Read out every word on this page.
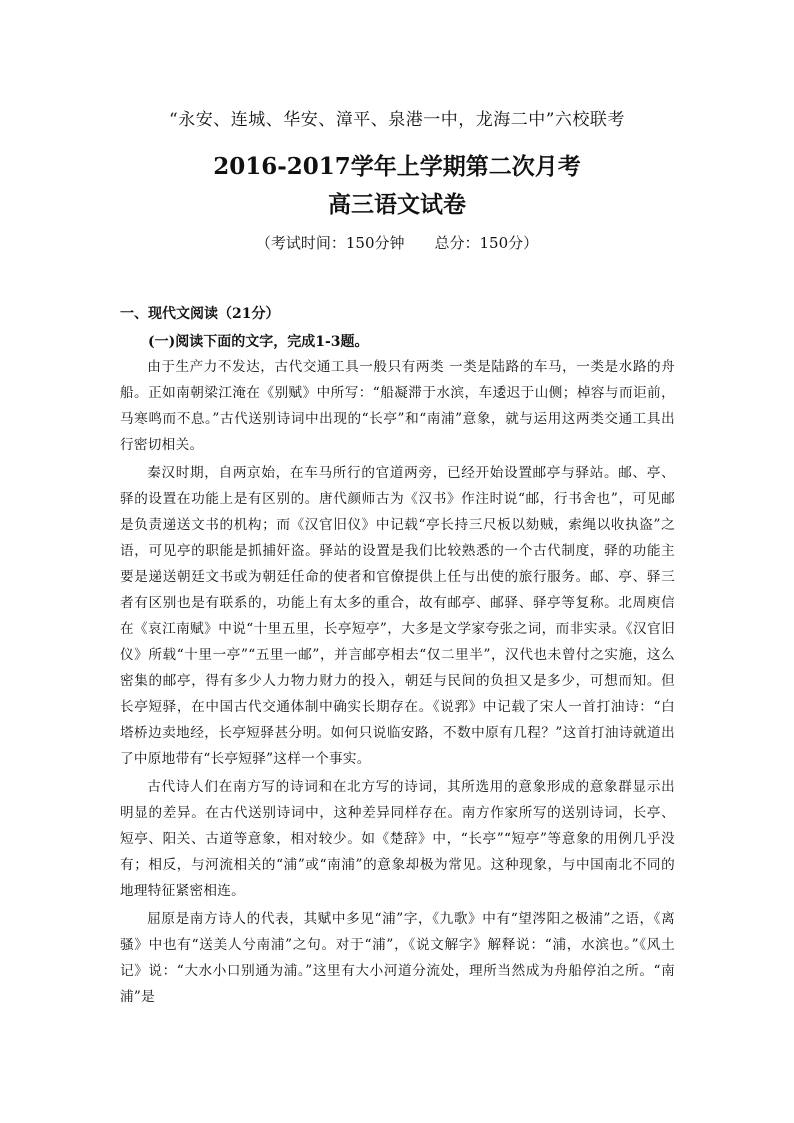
“永安、连城、华安、漳平、泉港一中，龙海二中”六校联考
2016-2017学年上学期第二次月考
高三语文试卷
（考试时间：150分钟　　总分：150分）
一、现代文阅读（21分）
(一)阅读下面的文字，完成1-3题。

由于生产力不发达，古代交通工具一般只有两类 一类是陆路的车马，一类是水路的舟船。正如南朝梁江淹在《别赋》中所写：“船凝滞于水滨，车逶迟于山侧；棹容与而讵前，马寒鸣而不息。”古代送别诗词中出现的“长亭”和“南浦”意象，就与运用这两类交通工具出行密切相关。

秦汉时期，自两京始，在车马所行的官道两旁，已经开始设置邮亭与驿站。邮、亭、驿的设置在功能上是有区别的。唐代颜师古为《汉书》作注时说“邮，行书舍也”，可见邮是负责递送文书的机构；而《汉官旧仪》中记载“亭长持三尺板以劾贼，索绳以收执盗”之语，可见亭的职能是抓捕奸盗。驿站的设置是我们比较熟悉的一个古代制度，驿的功能主要是递送朝廷文书或为朝廷任命的使者和官僚提供上任与出使的旅行服务。邮、亭、驿三者有区别也是有联系的，功能上有太多的重合，故有邮亭、邮驿、驿亭等复称。北周庾信在《哀江南赋》中说“十里五里，长亭短亭”，大多是文学家夸张之词，而非实录。《汉官旧仪》所载“十里一亭”“五里一邮”，并言邮亭相去“仅二里半”，汉代也未曾付之实施，这么密集的邮亭，得有多少人力物力财力的投入，朝廷与民间的负担又是多少，可想而知。但长亭短驿，在中国古代交通体制中确实长期存在。《说郛》中记载了宋人一首打油诗：“白塔桥边卖地经，长亭短驿甚分明。如何只说临安路，不数中原有几程？”这首打油诗就道出了中原地带有“长亭短驿”这样一个事实。

古代诗人们在南方写的诗词和在北方写的诗词，其所选用的意象形成的意象群显示出明显的差异。在古代送别诗词中，这种差异同样存在。南方作家所写的送别诗词，长亭、短亭、阳关、古道等意象，相对较少。如《楚辞》中，“长亭”“短亭”等意象的用例几乎没有；相反，与河流相关的“浦”或“南浦”的意象却极为常见。这种现象，与中国南北不同的地理特征紧密相连。

屈原是南方诗人的代表，其赋中多见“浦”字，《九歌》中有“望涔阳之极浦”之语，《离骚》中也有“送美人兮南浦”之句。对于“浦”，《说文解字》解释说：“浦，水滨也。”《风土记》说：“大水小口别通为浦。”这里有大小河道分流处，理所当然成为舟船停泊之所。“南浦”是
